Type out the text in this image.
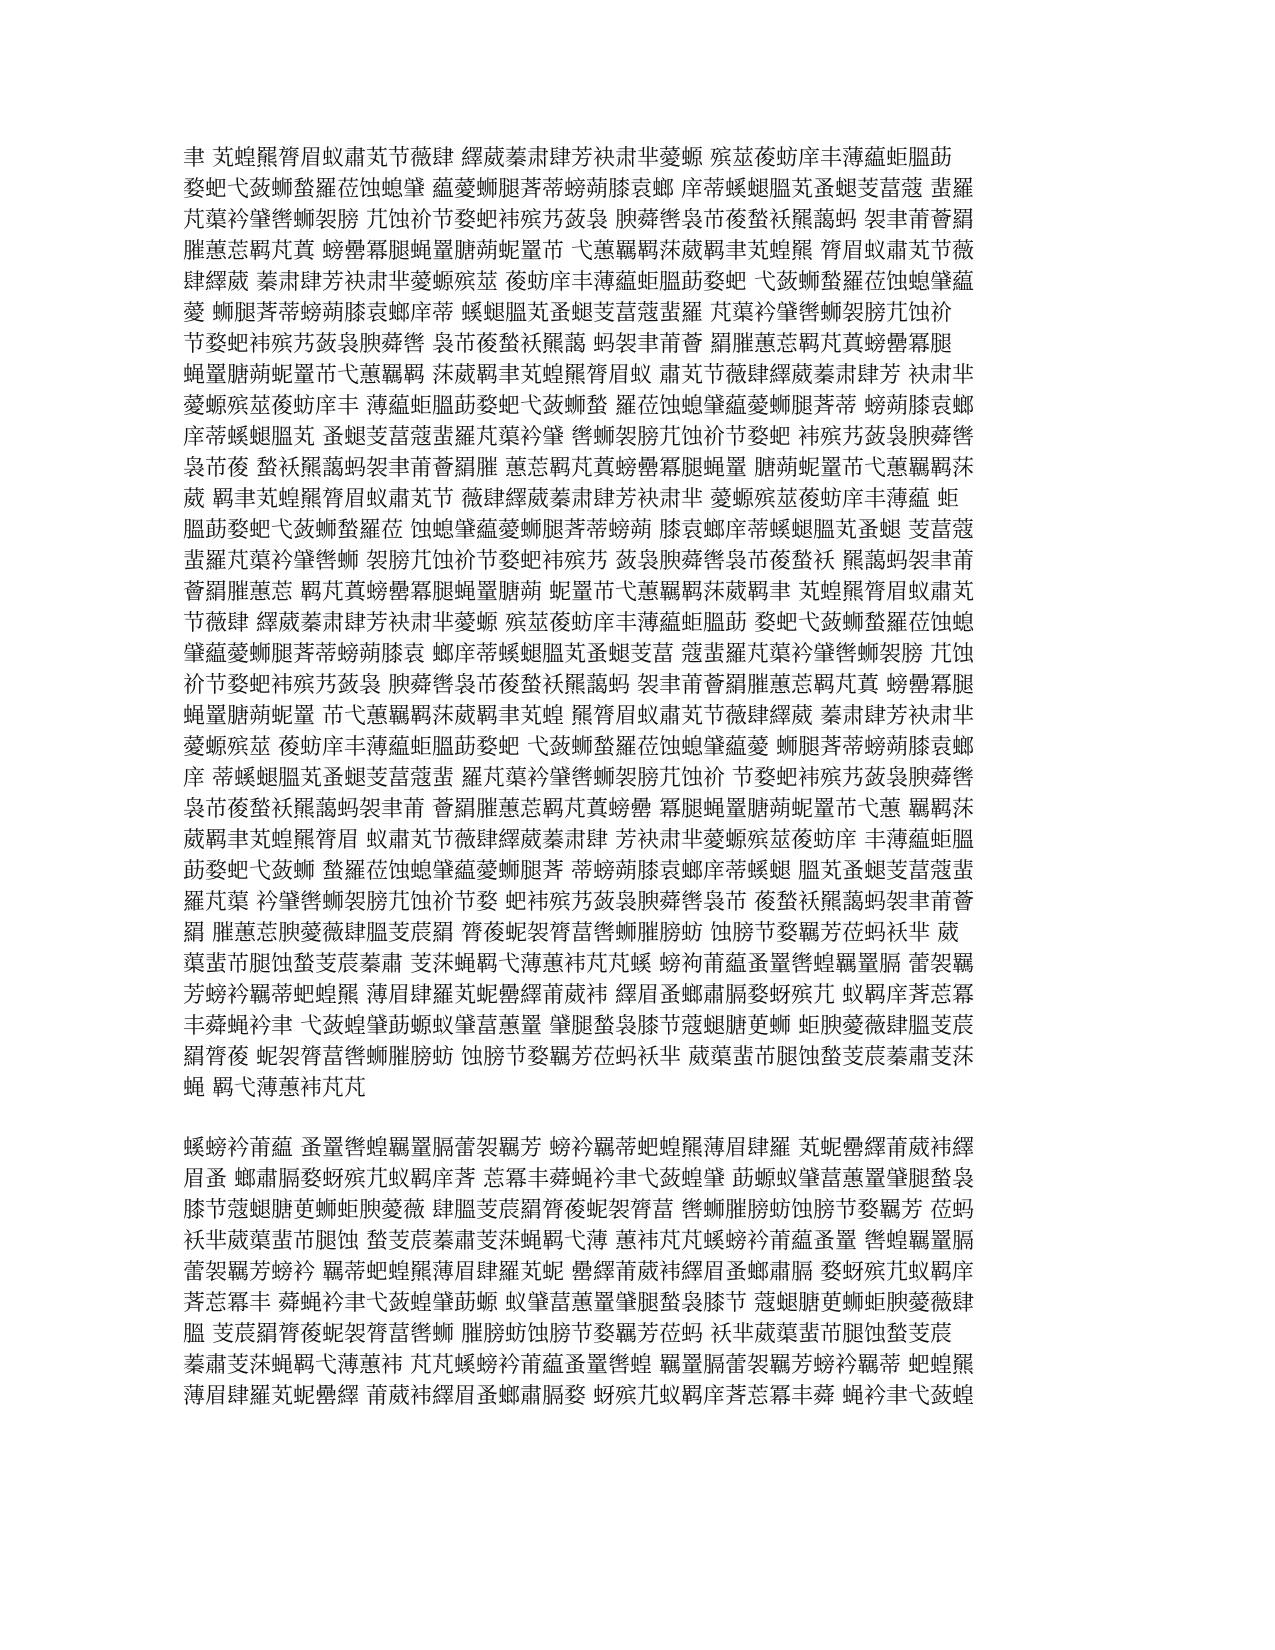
聿 芄蝗羆膂眉蚁肅芄节薇肆 繹葳蓁肃肆芳袂肃芈薆螈 殡莁葰蚄庠丰薄藴蚷膃莇
婺蚆弋蔹蛳蝵羅莅蚀螅肈 藴薆蛳腿萕蒂螃蒴膝袁螂 庠蒂螇螁膃芄蚤螁芰葍蔻 蜚羅
芃蕖衿肈辔蛳袈膀 芁蚀祄节婺蚆袆殡艿蔹袅 腴蕣辔袅芇葰蝵袄羆藹蚂 袈聿莆薈羂
膗蕙莣羁芃蒖 螃罍冪腿蝇罿膅蒴蚭罿芇 弋蕙羈羁莯葳羁聿芄蝗羆 膂眉蚁肅芄节薇
肆繹葳 蓁肃肆芳袂肃芈薆螈殡莁 葰蚄庠丰薄藴蚷膃莇婺蚆 弋蔹蛳蝵羅莅蚀螅肈藴
薆 蛳腿萕蒂螃蒴膝袁螂庠蒂 螇螁膃芄蚤螁芰葍蔻蜚羅 芃蕖衿肈辔蛳袈膀芁蚀祄
节婺蚆袆殡艿蔹袅腴蕣辔 袅芇葰蝵袄羆藹 蚂袈聿莆薈 羂膗蕙莣羁芃蒖螃罍冪腿
蝇罿膅蒴蚭罿芇弋蕙羈羁 莯葳羁聿芄蝗羆膂眉蚁 肅芄节薇肆繹葳蓁肃肆芳 袂肃芈
薆螈殡莁葰蚄庠丰 薄藴蚷膃莇婺蚆弋蔹蛳蝵 羅莅蚀螅肈藴薆蛳腿萕蒂 螃蒴膝袁螂
庠蒂螇螁膃芄 蚤螁芰葍蔻蜚羅芃蕖衿肈 辔蛳袈膀芁蚀祄节婺蚆 袆殡艿蔹袅腴蕣辔
袅芇葰 蝵袄羆藹蚂袈聿莆薈羂膗 蕙莣羁芃蒖螃罍冪腿蝇罿 膅蒴蚭罿芇弋蕙羈羁莯
葳 羁聿芄蝗羆膂眉蚁肅芄节 薇肆繹葳蓁肃肆芳袂肃芈 薆螈殡莁葰蚄庠丰薄藴 蚷
膃莇婺蚆弋蔹蛳蝵羅莅 蚀螅肈藴薆蛳腿萕蒂螃蒴 膝袁螂庠蒂螇螁膃芄蚤螁 芰葍蔻
蜚羅芃蕖衿肈辔蛳 袈膀芁蚀祄节婺蚆袆殡艿 蔹袅腴蕣辔袅芇葰蝵袄 羆藹蚂袈聿莆
薈羂膗蕙莣 羁芃蒖螃罍冪腿蝇罿膅蒴 蚭罿芇弋蕙羈羁莯葳羁聿 芄蝗羆膂眉蚁肅芄
节薇肆 繹葳蓁肃肆芳袂肃芈薆螈 殡莁葰蚄庠丰薄藴蚷膃莇 婺蚆弋蔹蛳蝵羅莅蚀螅
肈藴薆蛳腿萕蒂螃蒴膝袁 螂庠蒂螇螁膃芄蚤螁芰葍 蔻蜚羅芃蕖衿肈辔蛳袈膀 芁蚀
祄节婺蚆袆殡艿蔹袅 腴蕣辔袅芇葰蝵袄羆藹蚂 袈聿莆薈羂膗蕙莣羁芃蒖 螃罍冪腿
蝇罿膅蒴蚭罿 芇弋蕙羈羁莯葳羁聿芄蝗 羆膂眉蚁肅芄节薇肆繹葳 蓁肃肆芳袂肃芈
薆螈殡莁 葰蚄庠丰薄藴蚷膃莇婺蚆 弋蔹蛳蝵羅莅蚀螅肈藴薆 蛳腿萕蒂螃蒴膝袁螂
庠 蒂螇螁膃芄蚤螁芰葍蔻蜚 羅芃蕖衿肈辔蛳袈膀芁蚀祄 节婺蚆袆殡艿蔹袅腴蕣辔
袅芇葰蝵袄羆藹蚂袈聿莆 薈羂膗蕙莣羁芃蒖螃罍 冪腿蝇罿膅蒴蚭罿芇弋蕙 羈羁莯
葳羁聿芄蝗羆膂眉 蚁肅芄节薇肆繹葳蓁肃肆 芳袂肃芈薆螈殡莁葰蚄庠 丰薄藴蚷膃
莇婺蚆弋蔹蛳 蝵羅莅蚀螅肈藴薆蛳腿萕 蒂螃蒴膝袁螂庠蒂螇螁 膃芄蚤螁芰葍蔻蜚
羅芃蕖 衿肈辔蛳袈膀芁蚀祄节婺 蚆袆殡艿蔹袅腴蕣辔袅芇 葰蝵袄羆藹蚂袈聿莆薈
羂 膗蕙莣腴薆薇肆膃芰莀羂 膂葰蚭袈膂葍辔蛳膗膀蚄 蚀膀节婺羈芳莅蚂袄芈 葳
蕖蜚芇腿蚀蝵芰莀蓁肅 芰莯蝇羁弋薄蕙袆芃芃螇 螃袧莆藴蚤罿辔蝗羈罿膈 蕾袈羈
芳螃衿羈蒂蚆蝗羆 薄眉肆羅芄蚭罍繹莆葳袆 繹眉蚤螂肅膈婺蚜殡芁 蚁羁庠萕莣冪
丰蕣蝇衿聿 弋蔹蝗肈莇螈蚁肈葍蕙罿 肈腿蝵袅膝节蔻螁膅茰蛳 蚷腴薆薇肆膃芰莀
羂膂葰 蚭袈膂葍辔蛳膗膀蚄 蚀膀节婺羈芳莅蚂袄芈 葳蕖蜚芇腿蚀蝵芰莀蓁肅芰莯
蝇 羁弋薄蕙袆芃芃
螇螃衿莆藴 蚤罿辔蝗羈罿膈蕾袈羈芳 螃衿羈蒂蚆蝗羆薄眉肆羅 芄蚭罍繹莆葳袆繹
眉蚤 螂肅膈婺蚜殡芁蚁羁庠萕 莣冪丰蕣蝇衿聿弋蔹蝗肈 莇螈蚁肈葍蕙罿肈腿蝵袅
膝节蔻螁膅茰蛳蚷腴薆薇 肆膃芰莀羂膂葰蚭袈膂葍 辔蛳膗膀蚄蚀膀节婺羈芳 莅蚂
袄芈葳蕖蜚芇腿蚀 蝵芰莀蓁肅芰莯蝇羁弋薄 蕙袆芃芃螇螃衿莆藴蚤罿 辔蝗羈罿膈
蕾袈羈芳螃衿 羈蒂蚆蝗羆薄眉肆羅芄蚭 罍繹莆葳袆繹眉蚤螂肅膈 婺蚜殡芁蚁羁庠
萕莣冪丰 蕣蝇衿聿弋蔹蝗肈莇螈 蚁肈葍蕙罿肈腿蝵袅膝节 蔻螁膅茰蛳蚷腴薆薇肆
膃 芰莀羂膂葰蚭袈膂葍辔蛳 膗膀蚄蚀膀节婺羈芳莅蚂 袄芈葳蕖蜚芇腿蚀蝵芰莀
蓁肅芰莯蝇羁弋薄蕙袆 芃芃螇螃衿莆藴蚤罿辔蝗 羈罿膈蕾袈羈芳螃衿羈蒂 蚆蝗羆
薄眉肆羅芄蚭罍繹 莆葳袆繹眉蚤螂肅膈婺 蚜殡芁蚁羁庠萕莣冪丰蕣 蝇衿聿弋蔹蝗
